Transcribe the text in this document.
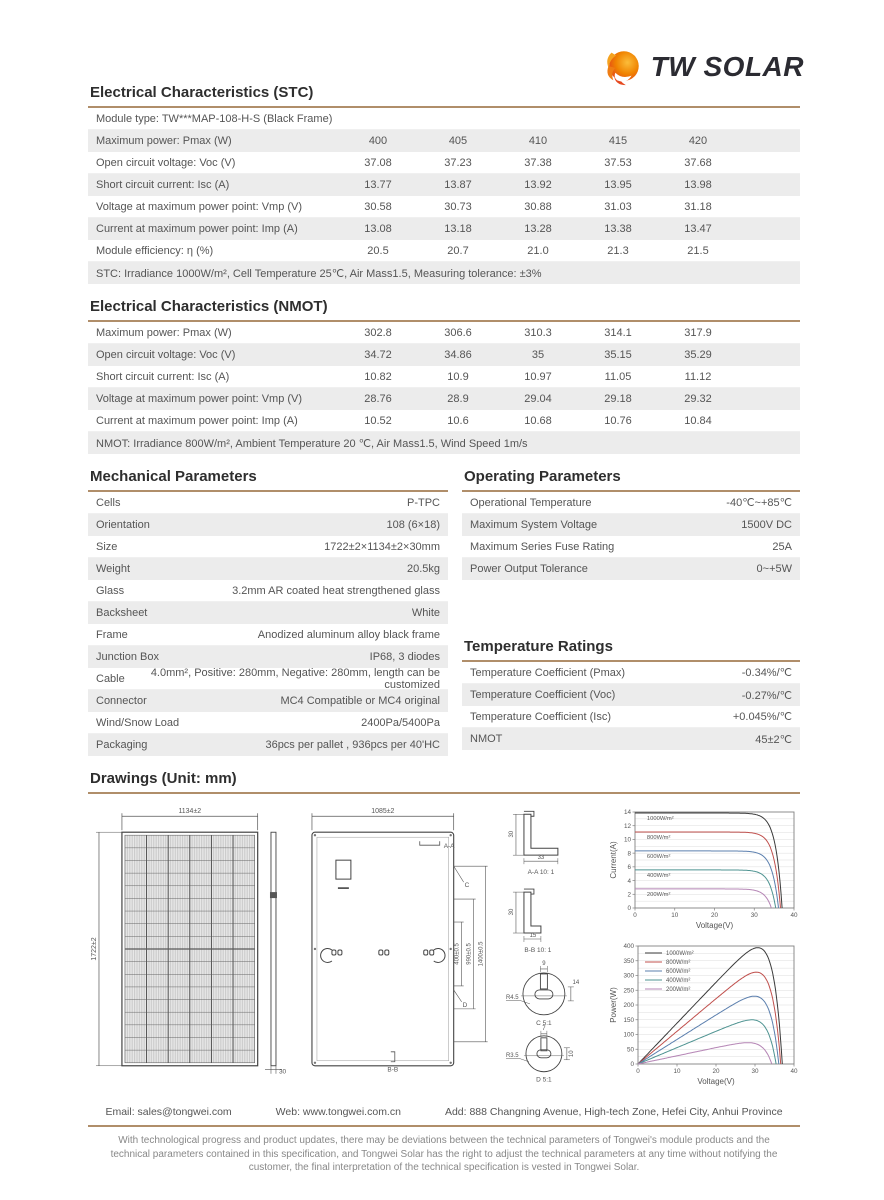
TW SOLAR
Electrical Characteristics (STC)
Module type: TW***MAP-108-H-S (Black Frame)
Maximum power: Pmax (W)	400	405	410	415	420
Open circuit voltage: Voc (V)	37.08	37.23	37.38	37.53	37.68
Short circuit current: Isc (A)	13.77	13.87	13.92	13.95	13.98
Voltage at maximum power point: Vmp (V)	30.58	30.73	30.88	31.03	31.18
Current at maximum power point: Imp (A)	13.08	13.18	13.28	13.38	13.47
Module efficiency: η (%)	20.5	20.7	21.0	21.3	21.5
STC: Irradiance 1000W/m², Cell Temperature 25℃, Air Mass1.5, Measuring tolerance: ±3%
Electrical Characteristics (NMOT)
Maximum power: Pmax (W)	302.8	306.6	310.3	314.1	317.9
Open circuit voltage: Voc (V)	34.72	34.86	35	35.15	35.29
Short circuit current: Isc (A)	10.82	10.9	10.97	11.05	11.12
Voltage at maximum power point: Vmp (V)	28.76	28.9	29.04	29.18	29.32
Current at maximum power point: Imp (A)	10.52	10.6	10.68	10.76	10.84
NMOT: Irradiance 800W/m², Ambient Temperature 20 ℃, Air Mass1.5, Wind Speed 1m/s
Mechanical Parameters
Cells	P-TPC
Orientation	108 (6×18)
Size	1722±2×1134±2×30mm
Weight	20.5kg
Glass	3.2mm AR coated heat strengthened glass
Backsheet	White
Frame	Anodized aluminum alloy black frame
Junction Box	IP68, 3 diodes
Cable	4.0mm², Positive: 280mm, Negative: 280mm, length can be customized
Connector	MC4 Compatible or MC4 original
Wind/Snow Load	2400Pa/5400Pa
Packaging	36pcs per pallet , 936pcs per 40'HC
Operating Parameters
Operational Temperature	-40℃~+85℃
Maximum System Voltage	1500V DC
Maximum Series Fuse Rating	25A
Power Output Tolerance	0~+5W
Temperature Ratings
Temperature Coefficient (Pmax)	-0.34%/℃
Temperature Coefficient (Voc)	-0.27%/℃
Temperature Coefficient (Isc)	+0.045%/℃
NMOT	45±2℃
Drawings (Unit: mm)
1134±2
1722±2
30
1085±2
A-A
C
D
400±0.5 990±0.5 1400±0.5
B-B
30
33
A-A 10: 1
30
15
B-B 10: 1
9
14
R4.5
C 5:1
7
10
R3.5
D 5:1
0
2
4
6
8
10
12
14
0	10	20	30	40
Voltage(V)
Current(A)
1000W/m²
800W/m²
600W/m²
400W/m²
200W/m²
0
50
100
150
200
250
300
350
400
0	10	20	30	40
Voltage(V)
Power(W)
1000W/m²
800W/m²
600W/m²
400W/m²
200W/m²
Email: sales@tongwei.com	Web: www.tongwei.com.cn	Add: 888 Changning Avenue, High-tech Zone, Hefei City, Anhui Province
With technological progress and product updates, there may be deviations between the technical parameters of Tongwei's module products and the technical parameters contained in this specification, and Tongwei Solar has the right to adjust the technical parameters at any time without notifying the customer, the final interpretation of the technical specification is vested in Tongwei Solar.
